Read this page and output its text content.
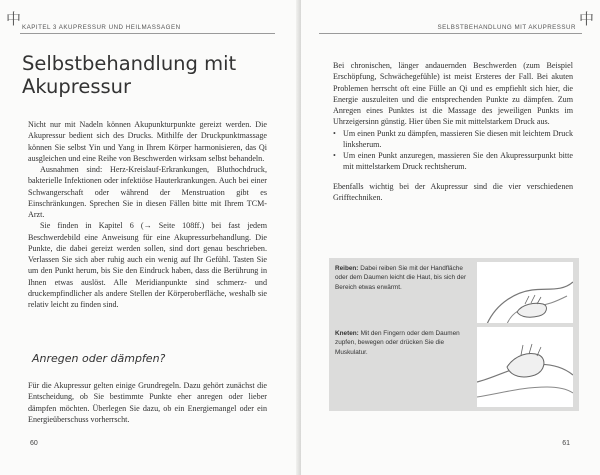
中 KAPITEL 3 AKUPRESSUR UND HEILMASSAGEN
Selbstbehandlung mit Akupressur

Nicht nur mit Nadeln können Akupunkturpunkte gereizt werden. Die Akupressur bedient sich des Drucks. Mithilfe der Druckpunktmassage können Sie selbst Yin und Yang in Ihrem Körper harmonisieren, das Qi ausgleichen und eine Reihe von Beschwerden wirksam selbst behandeln.

Ausnahmen sind: Herz-Kreislauf-Erkrankungen, Bluthochdruck, bakterielle Infektionen oder infektiöse Hauterkrankungen. Auch bei einer Schwangerschaft oder während der Menstruation gibt es Einschränkungen. Sprechen Sie in diesen Fällen bitte mit Ihrem TCM-Arzt.

Sie finden in Kapitel 6 (→ Seite 108ff.) bei fast jedem Beschwerdebild eine Anweisung für eine Akupressurbehandlung. Die Punkte, die dabei gereizt werden sollen, sind dort genau beschrieben. Verlassen Sie sich aber ruhig auch ein wenig auf Ihr Gefühl. Tasten Sie um den Punkt herum, bis Sie den Eindruck haben, dass die Berührung in Ihnen etwas auslöst. Alle Meridianpunkte sind schmerz- und druckempfindlicher als andere Stellen der Körperoberfläche, weshalb sie relativ leicht zu finden sind.

Anregen oder dämpfen?

Für die Akupressur gelten einige Grundregeln. Dazu gehört zunächst die Entscheidung, ob Sie bestimmte Punkte eher anregen oder lieber dämpfen möchten. Überlegen Sie dazu, ob ein Energiemangel oder ein Energieüberschuss vorherrscht.

60
中
SELBSTBEHANDLUNG MIT AKUPRESSUR

Bei chronischen, länger andauernden Beschwerden (zum Beispiel Erschöpfung, Schwächegefühle) ist meist Ersteres der Fall. Bei akuten Problemen herrscht oft eine Fülle an Qi und es empfiehlt sich hier, die Energie auszuleiten und die entsprechenden Punkte zu dämpfen. Zum Anregen eines Punktes ist die Massage des jeweiligen Punkts im Uhrzeigersinn günstig. Hier üben Sie mit mittelstarkem Druck aus.

• Um einen Punkt zu dämpfen, massieren Sie diesen mit leichtem Druck linksherum.
• Um einen Punkt anzuregen, massieren Sie den Akupressurpunkt bitte mit mittelstarkem Druck rechtsherum.

Ebenfalls wichtig bei der Akupressur sind die vier verschiedenen Grifftechniken.

Reiben: Dabei reiben Sie mit der Handfläche oder dem Daumen leicht die Haut, bis sich der Bereich etwas erwärmt.
Kneten: Mit den Fingern oder dem Daumen zupfen, bewegen oder drücken Sie die Muskulatur.
61
